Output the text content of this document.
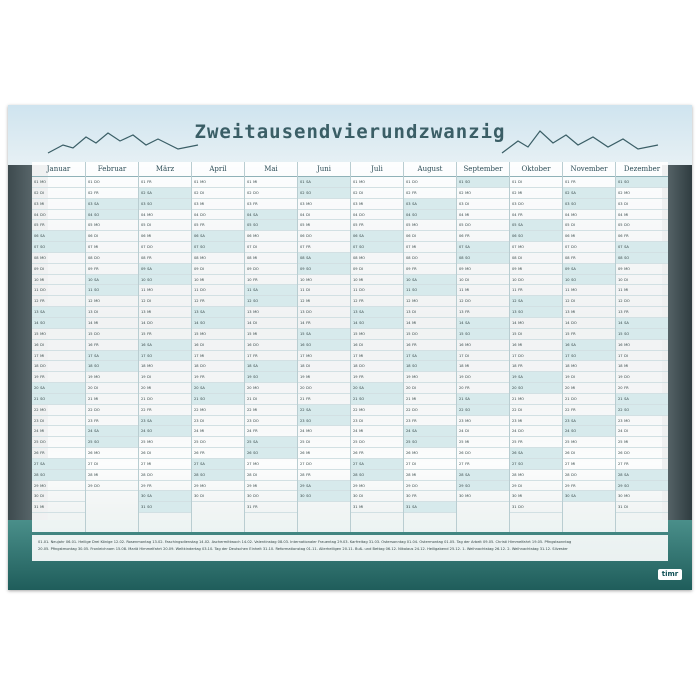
Zweitausendvierundzwanzig
Januar
01 MO
02 DI
03 MI
04 DO
05 FR
06 SA
07 SO
08 MO
09 DI
10 MI
11 DO
12 FR
13 SA
14 SO
15 MO
16 DI
17 MI
18 DO
19 FR
20 SA
21 SO
22 MO
23 DI
24 MI
25 DO
26 FR
27 SA
28 SO
29 MO
30 DI
31 MI
Februar
01 DO
02 FR
03 SA
04 SO
05 MO
06 DI
07 MI
08 DO
09 FR
10 SA
11 SO
12 MO
13 DI
14 MI
15 DO
16 FR
17 SA
18 SO
19 MO
20 DI
21 MI
22 DO
23 FR
24 SA
25 SO
26 MO
27 DI
28 MI
29 DO
März
01 FR
02 SA
03 SO
04 MO
05 DI
06 MI
07 DO
08 FR
09 SA
10 SO
11 MO
12 DI
13 MI
14 DO
15 FR
16 SA
17 SO
18 MO
19 DI
20 MI
21 DO
22 FR
23 SA
24 SO
25 MO
26 DI
27 MI
28 DO
29 FR
30 SA
31 SO
April
01 MO
02 DI
03 MI
04 DO
05 FR
06 SA
07 SO
08 MO
09 DI
10 MI
11 DO
12 FR
13 SA
14 SO
15 MO
16 DI
17 MI
18 DO
19 FR
20 SA
21 SO
22 MO
23 DI
24 MI
25 DO
26 FR
27 SA
28 SO
29 MO
30 DI
Mai
01 MI
02 DO
03 FR
04 SA
05 SO
06 MO
07 DI
08 MI
09 DO
10 FR
11 SA
12 SO
13 MO
14 DI
15 MI
16 DO
17 FR
18 SA
19 SO
20 MO
21 DI
22 MI
23 DO
24 FR
25 SA
26 SO
27 MO
28 DI
29 MI
30 DO
31 FR
Juni
01 SA
02 SO
03 MO
04 DI
05 MI
06 DO
07 FR
08 SA
09 SO
10 MO
11 DI
12 MI
13 DO
14 FR
15 SA
16 SO
17 MO
18 DI
19 MI
20 DO
21 FR
22 SA
23 SO
24 MO
25 DI
26 MI
27 DO
28 FR
29 SA
30 SO
Juli
01 MO
02 DI
03 MI
04 DO
05 FR
06 SA
07 SO
08 MO
09 DI
10 MI
11 DO
12 FR
13 SA
14 SO
15 MO
16 DI
17 MI
18 DO
19 FR
20 SA
21 SO
22 MO
23 DI
24 MI
25 DO
26 FR
27 SA
28 SO
29 MO
30 DI
31 MI
August
01 DO
02 FR
03 SA
04 SO
05 MO
06 DI
07 MI
08 DO
09 FR
10 SA
11 SO
12 MO
13 DI
14 MI
15 DO
16 FR
17 SA
18 SO
19 MO
20 DI
21 MI
22 DO
23 FR
24 SA
25 SO
26 MO
27 DI
28 MI
29 DO
30 FR
31 SA
September
01 SO
02 MO
03 DI
04 MI
05 DO
06 FR
07 SA
08 SO
09 MO
10 DI
11 MI
12 DO
13 FR
14 SA
15 SO
16 MO
17 DI
18 MI
19 DO
20 FR
21 SA
22 SO
23 MO
24 DI
25 MI
26 DO
27 FR
28 SA
29 SO
30 MO
Oktober
01 DI
02 MI
03 DO
04 FR
05 SA
06 SO
07 MO
08 DI
09 MI
10 DO
11 FR
12 SA
13 SO
14 MO
15 DI
16 MI
17 DO
18 FR
19 SA
20 SO
21 MO
22 DI
23 MI
24 DO
25 FR
26 SA
27 SO
28 MO
29 DI
30 MI
31 DO
November
01 FR
02 SA
03 SO
04 MO
05 DI
06 MI
07 DO
08 FR
09 SA
10 SO
11 MO
12 DI
13 MI
14 DO
15 FR
16 SA
17 SO
18 MO
19 DI
20 MI
21 DO
22 FR
23 SA
24 SO
25 MO
26 DI
27 MI
28 DO
29 FR
30 SA
Dezember
01 SO
02 MO
03 DI
04 MI
05 DO
06 FR
07 SA
08 SO
09 MO
10 DI
11 MI
12 DO
13 FR
14 SA
15 SO
16 MO
17 DI
18 MI
19 DO
20 FR
21 SA
22 SO
23 MO
24 DI
25 MI
26 DO
27 FR
28 SA
29 SO
30 MO
31 DI
01.01. Neujahr 06.01. Heilige Drei Könige 12.02. Rosenmontag 13.02. Faschingsdienstag 14.02. Aschermittwoch 14.02. Valentinstag 08.03. Internationaler Frauentag 29.03. Karfreitag 31.03. Ostersonntag 01.04. Ostermontag 01.05. Tag der Arbeit 09.05. Christi Himmelfahrt 19.05. Pfingstsonntag
20.05. Pfingstmontag 30.05. Fronleichnam 15.08. Mariä Himmelfahrt 20.09. Weltkindertag 03.10. Tag der Deutschen Einheit 31.10. Reformationstag 01.11. Allerheiligen 20.11. Buß- und Bettag 06.12. Nikolaus 24.12. Heiligabend 25.12. 1. Weihnachtstag 26.12. 2. Weihnachtstag 31.12. Silvester
timr
